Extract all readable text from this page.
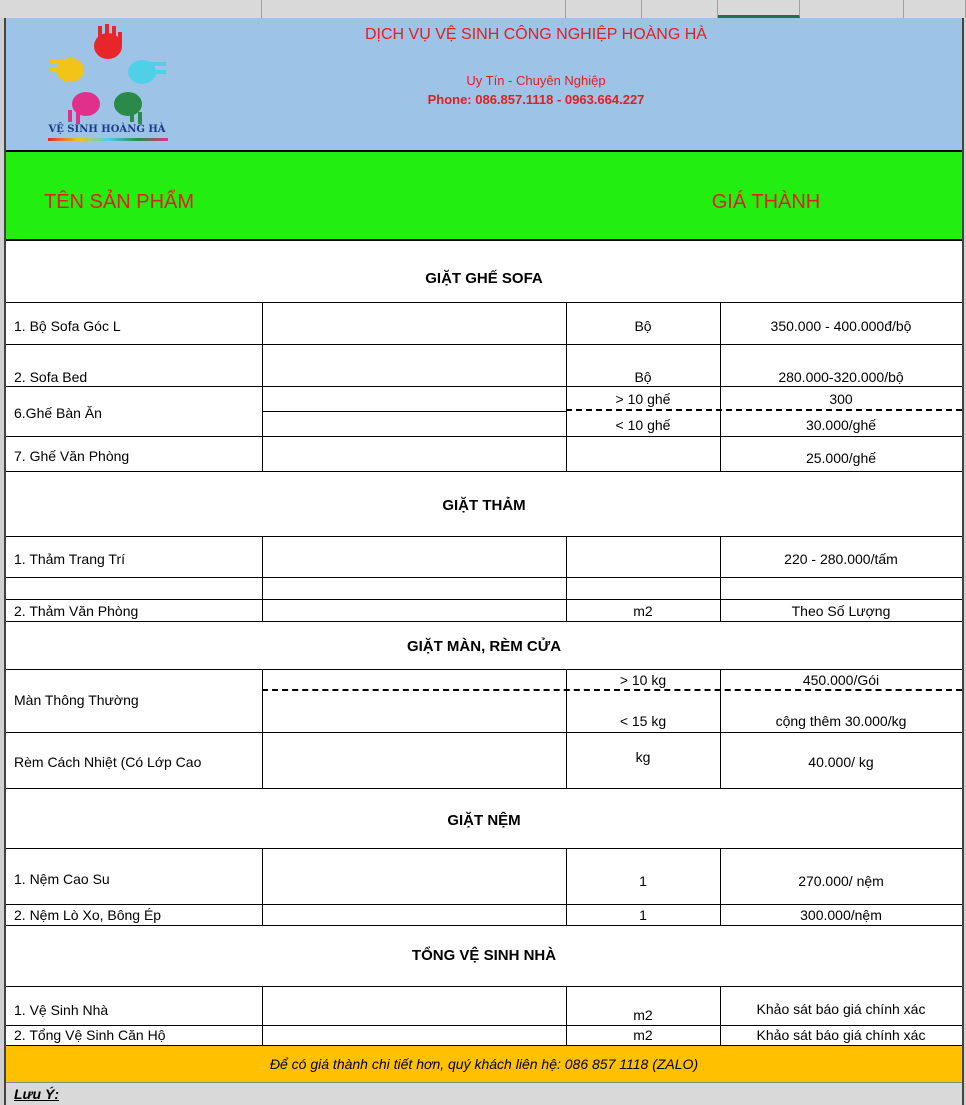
VỆ SINH HOÀNG HÀ
DỊCH VỤ VỆ SINH CÔNG NGHIỆP HOÀNG HÀ
Uy Tín - Chuyên Nghiệp
Phone: 086.857.1118 - 0963.664.227
TÊN SẢN PHẨM	GIÁ THÀNH
GIẶT GHẾ SOFA
1. Bộ Sofa Góc L	Bộ	350.000 - 400.000đ/bộ
2. Sofa Bed	Bộ	280.000-320.000/bộ
6.Ghế Bàn Ăn
> 10 ghế	300
< 10 ghế	30.000/ghế
7. Ghế Văn Phòng	25.000/ghế
GIẶT THẢM
1. Thảm Trang Trí	220 - 280.000/tấm
2. Thảm Văn Phòng	m2	Theo Số Lượng
GIẶT MÀN, RÈM CỬA
Màn Thông Thường
> 10 kg	450.000/Gói
< 15 kg	cộng thêm 30.000/kg
Rèm Cách Nhiệt (Có Lớp Cao	kg	40.000/ kg
GIẶT NỆM
1. Nệm Cao Su	1	270.000/ nệm
2. Nệm Lò Xo, Bông Ép	1	300.000/nệm
TỔNG VỆ SINH NHÀ
1. Vệ Sinh Nhà	m2	Khảo sát báo giá chính xác
2. Tổng Vệ Sinh Căn Hộ	m2	Khảo sát báo giá chính xác
Để có giá thành chi tiết hơn, quý khách liên hệ: 086 857 1118 (ZALO)
Lưu Ý:
